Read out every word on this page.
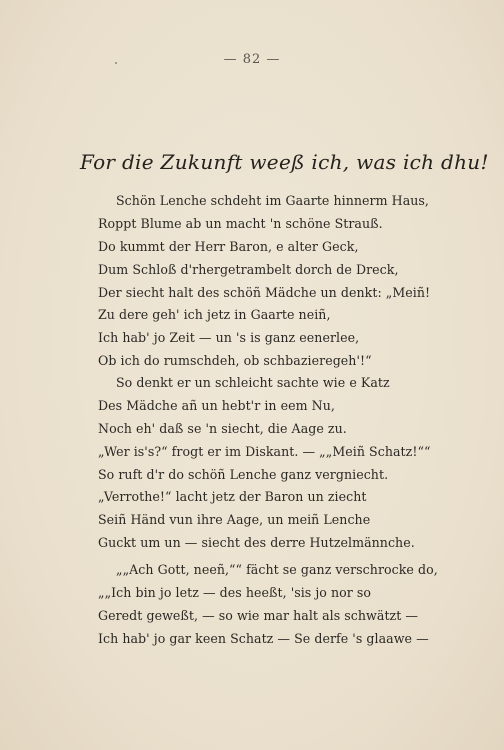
— 82 —
For die Zukunft weeß ich, was ich dhu!
Schön Lenche schdeht im Gaarte hinnerm Haus,
Roppt Blume ab un macht 'n schöne Strauß.
Do kummt der Herr Baron, e alter Geck,
Dum Schloß d'rhergetrambelt dorch de Dreck,
Der siecht halt des schöñ Mädche un denkt: „Meiñ!
Zu dere geh' ich jetz in Gaarte neiñ,
Ich hab' jo Zeit — un 's is ganz eenerlee,
Ob ich do rumschdeh, ob schbazieregeh'!“
So denkt er un schleicht sachte wie e Katz
Des Mädche añ un hebt'r in eem Nu,
Noch eh' daß se 'n siecht, die Aage zu.
„Wer is's?“ frogt er im Diskant. — „„Meiñ Schatz!““
So ruft d'r do schöñ Lenche ganz vergniecht.
„Verrothe!“ lacht jetz der Baron un ziecht
Seiñ Händ vun ihre Aage, un meiñ Lenche
Guckt um un — siecht des derre Hutzelmännche.
„„Ach Gott, neeñ,““ fächt se ganz verschrocke do,
„„Ich bin jo letz — des heeßt, 'sis jo nor so
Geredt geweßt, — so wie mar halt als schwätzt —
Ich hab' jo gar keen Schatz — Se derfe 's glaawe —
